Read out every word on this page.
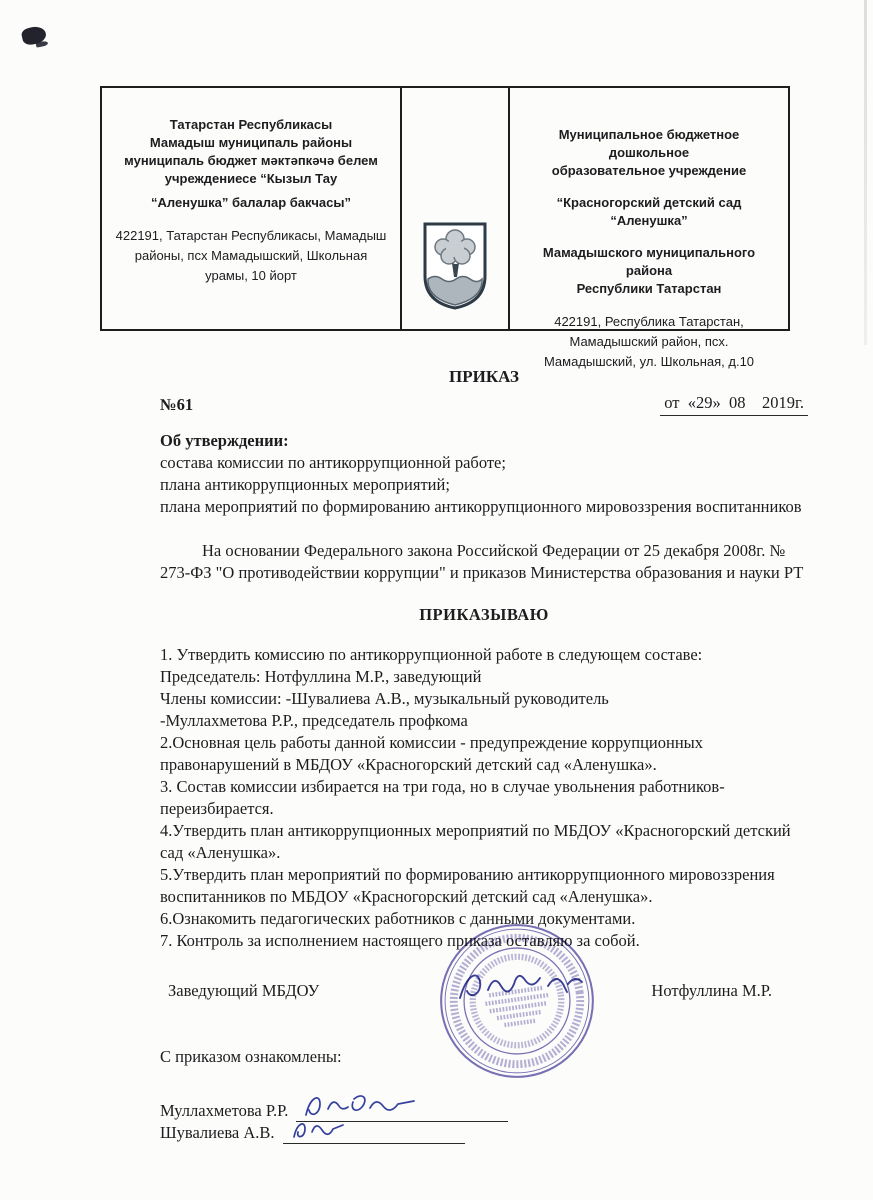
Татарстан Республикасы
Мамадыш муниципаль районы
муниципаль бюджет мәктәпкәчә белем
учреждениесе “Кызыл Тау
“Аленушка” балалар бакчасы”
422191, Татарстан Республикасы, Мамадыш районы, псх Мамадышский, Школьная урамы, 10 йорт
Муниципальное бюджетное дошкольное
образовательное учреждение
“Красногорский детский сад “Аленушка”
Мамадышского муниципального района
Республики Татарстан
422191, Республика Татарстан, Мамадышский район, псх. Мамадышский, ул. Школьная, д.10

ПРИКАЗ

№61	от  «29»  08    2019г.

Об утверждении:

состава комиссии по антикоррупционной работе;

плана антикоррупционных мероприятий;

плана мероприятий по формированию антикоррупционного мировоззрения воспитанников

На основании Федерального закона Российской Федерации от 25 декабря 2008г. № 273-ФЗ "О противодействии коррупции" и приказов Министерства образования и науки РТ

ПРИКАЗЫВАЮ

1. Утвердить комиссию по антикоррупционной работе в следующем составе:

Председатель: Нотфуллина М.Р., заведующий

Члены комиссии: -Шувалиева А.В., музыкальный руководитель

-Муллахметова Р.Р., председатель профкома

2.Основная цель работы данной комиссии - предупреждение коррупционных правонарушений в МБДОУ «Красногорский детский сад «Аленушка».

3. Состав комиссии избирается на три года, но в случае увольнения работников-переизбирается.

4.Утвердить план антикоррупционных мероприятий по МБДОУ «Красногорский детский сад «Аленушка».

5.Утвердить план мероприятий по формированию антикоррупционного мировоззрения воспитанников по МБДОУ «Красногорский детский сад «Аленушка».

6.Ознакомить педагогических работников с данными документами.

7. Контроль за исполнением настоящего приказа оставляю за собой.

Заведующий МБДОУ	Нотфуллина М.Р.

С приказом ознакомлены:

Муллахметова Р.Р.
Шувалиева А.В.
